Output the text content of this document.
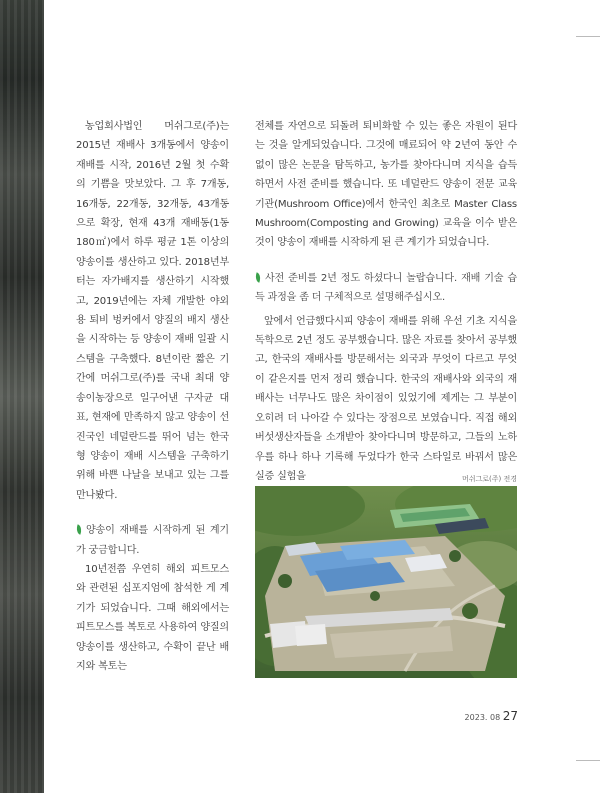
농업회사법인 머쉬그로(주)는 2015년 재배사 3개동에서 양송이 재배를 시작, 2016년 2월 첫 수확의 기쁨을 맛보았다. 그 후 7개동, 16개동, 22개동, 32개동, 43개동으로 확장, 현재 43개 재배동(1동 180㎡)에서 하루 평균 1톤 이상의 양송이를 생산하고 있다. 2018년부터는 자가배지를 생산하기 시작했고, 2019년에는 자체 개발한 야외용 퇴비 벙커에서 양질의 배지 생산을 시작하는 등 양송이 재배 일괄 시스템을 구축했다. 8년이란 짧은 기간에 머쉬그로(주)를 국내 최대 양송이농장으로 일구어낸 구자균 대표, 현재에 만족하지 않고 양송이 선진국인 네덜란드를 뛰어 넘는 한국형 양송이 재배 시스템을 구축하기 위해 바쁜 나날을 보내고 있는 그를 만나봤다.

양송이 재배를 시작하게 된 계기가 궁금합니다.

10년전쯤 우연히 해외 피트모스와 관련된 십포지엄에 참석한 게 계기가 되었습니다. 그때 해외에서는 피트모스를 복토로 사용하여 양질의 양송이를 생산하고, 수확이 끝난 배지와 복토는

전체를 자연으로 되돌려 퇴비화할 수 있는 좋은 자원이 된다는 것을 알게되었습니다. 그것에 매료되어 약 2년여 동안 수없이 많은 논문을 탐독하고, 농가를 찾아다니며 지식을 습득하면서 사전 준비를 했습니다. 또 네덜란드 양송이 전문 교육기관(Mushroom Office)에서 한국인 최초로 Master Class Mushroom(Composting and Growing) 교육을 이수 받은 것이 양송이 재배를 시작하게 된 큰 계기가 되었습니다.

사전 준비를 2년 정도 하셨다니 놀랍습니다. 재배 기술 습득 과정을 좀 더 구체적으로 설명해주십시오.

앞에서 언급했다시피 양송이 재배를 위해 우선 기초 지식을 독학으로 2년 정도 공부했습니다. 많은 자료를 찾아서 공부했고, 한국의 재배사를 방문해서는 외국과 무엇이 다르고 무엇이 같은지를 먼저 정리 했습니다. 한국의 재배사와 외국의 재배사는 너무나도 많은 차이점이 있었기에 제게는 그 부분이 오히려 더 나아갈 수 있다는 장점으로 보였습니다. 직접 해외 버섯생산자들을 소개받아 찾아다니며 방문하고, 그들의 노하우를 하나 하나 기록해 두었다가 한국 스타일로 바꿔서 많은 실증 실험을	머쉬그로(주) 전경
2023. 08 27
